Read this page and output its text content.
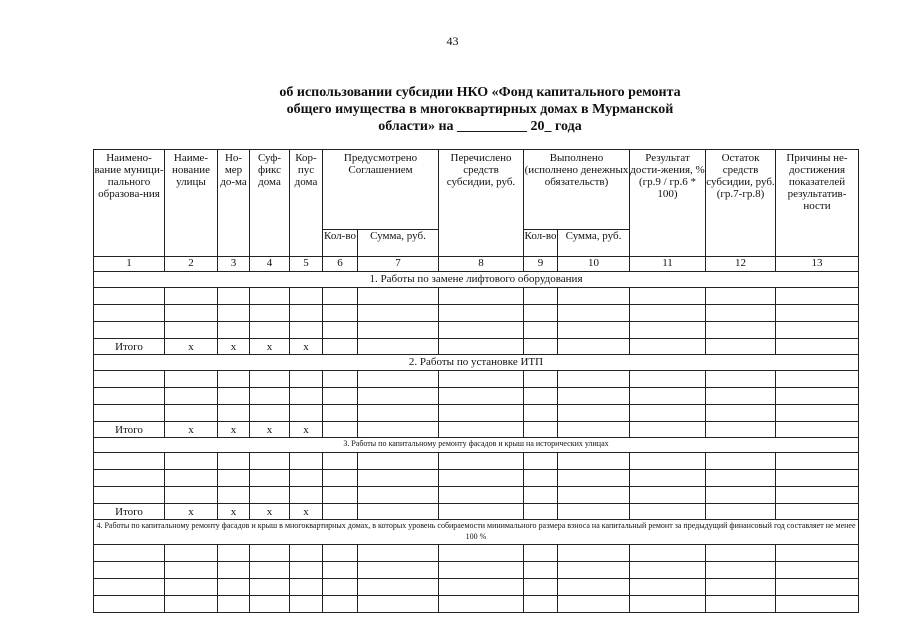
43
об использовании субсидии НКО «Фонд капитального ремонта
общего имущества в многоквартирных домах в Мурманской
области» на __________ 20_ года
Наимено-вание муници-пального образова-ния	Наиме-нование улицы	Но-мер до-ма	Суф-фикс дома	Кор-пус дома	Предусмотрено Соглашением		Перечислено средств субсидии, руб.	Выполнено (исполнено денежных обязательств)		Результат дости-жения, % (гр.9 / гр.6 * 100)	Остаток средств субсидии, руб. (гр.7-гр.8)	Причины не-достижения показателей результатив-ности
					Кол-во	Сумма, руб.		Кол-во	Сумма, руб.			
1	2	3	4	5	6	7	8	9	10	11	12	13
1. Работы по замене лифтового оборудования												

Итого	х	х	х	х								
2. Работы по установке ИТП												

Итого	х	х	х	х								
3. Работы по капитальному ремонту фасадов и крыш на исторических улицах												

Итого	х	х	х	х								
4. Работы по капитальному ремонту фасадов и крыш в многоквартирных домах, в которых уровень собираемости минимального размера взноса на капитальный ремонт за предыдущий финансовый год составляет не менее 100 %												
